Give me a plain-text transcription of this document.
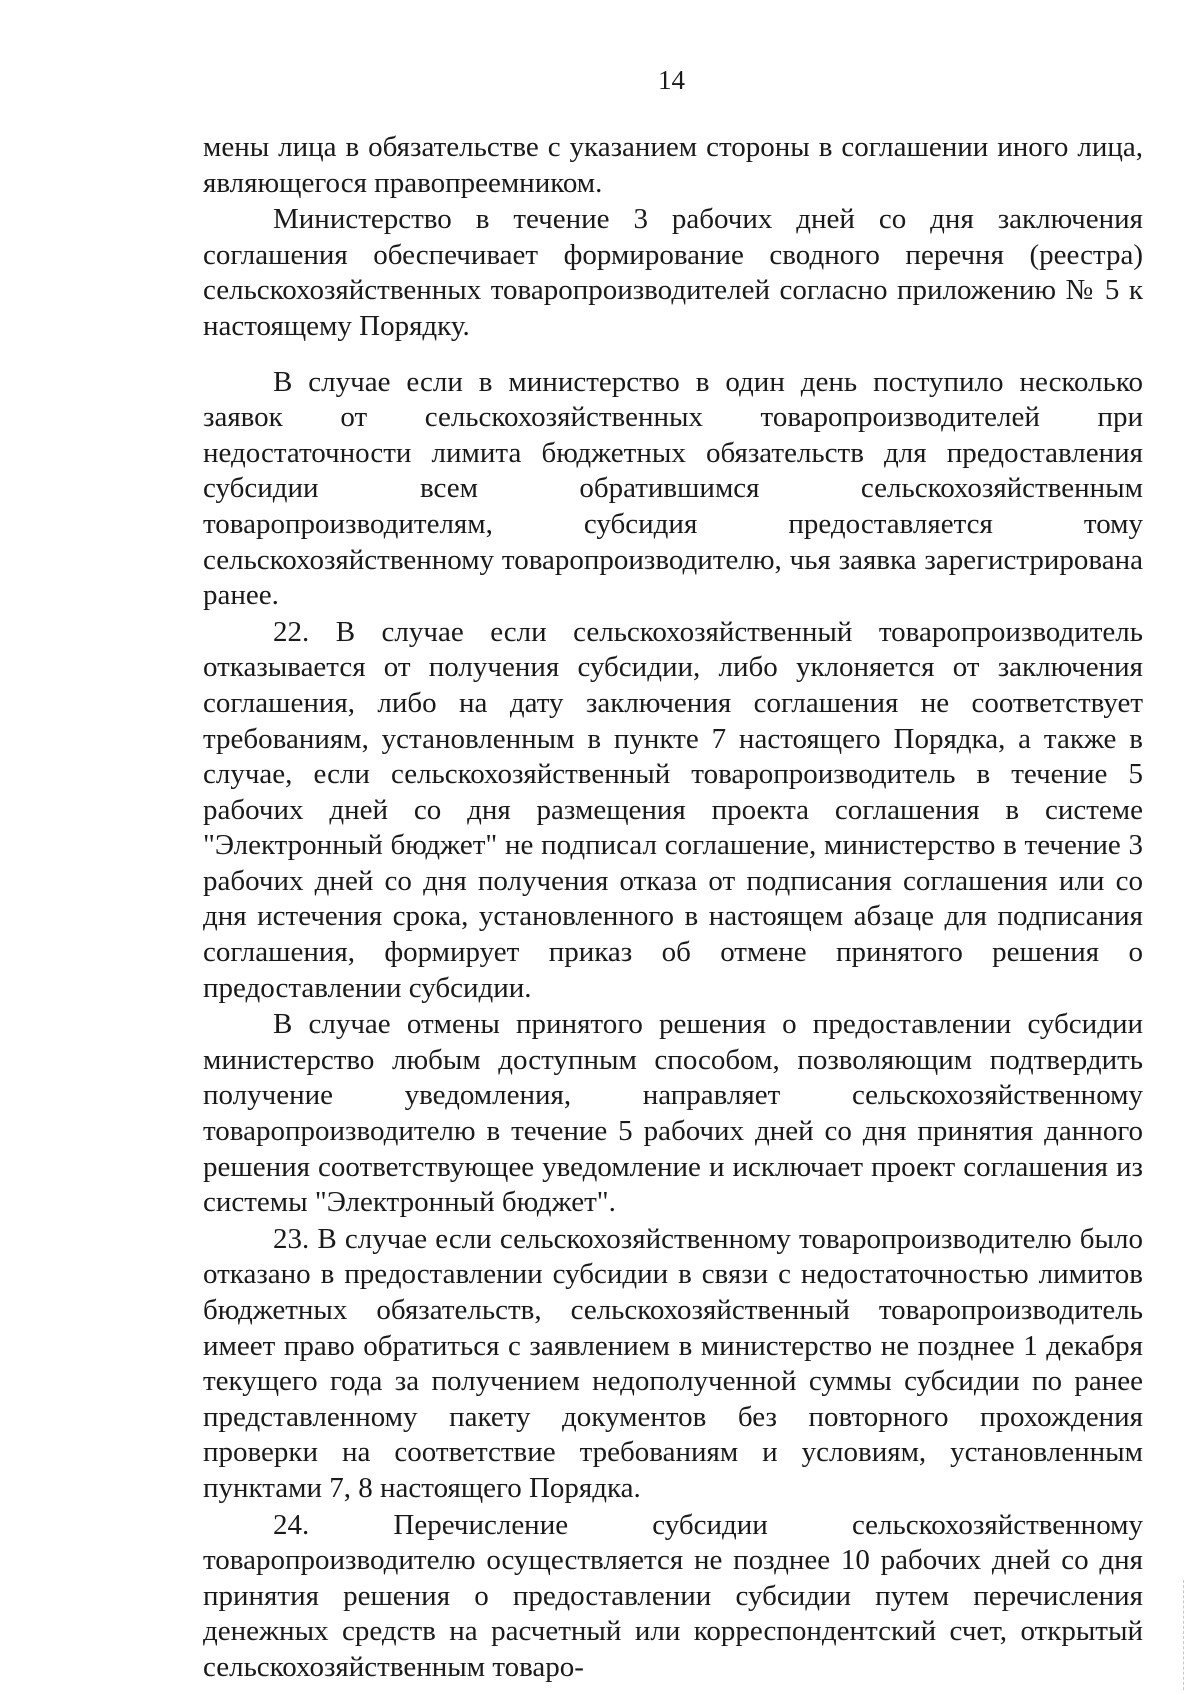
14

мены лица в обязательстве с указанием стороны в соглашении иного лица, являющегося правопреемником.

Министерство в течение 3 рабочих дней со дня заключения соглашения обеспечивает формирование сводного перечня (реестра) сельскохозяйственных товаропроизводителей согласно приложению № 5 к настоящему Порядку.

В случае если в министерство в один день поступило несколько заявок от сельскохозяйственных товаропроизводителей при недостаточности лимита бюджетных обязательств для предоставления субсидии всем обратившимся сельскохозяйственным товаропроизводителям, субсидия предоставляется тому сельскохозяйственному товаропроизводителю, чья заявка зарегистрирована ранее.

22. В случае если сельскохозяйственный товаропроизводитель отказывается от получения субсидии, либо уклоняется от заключения соглашения, либо на дату заключения соглашения не соответствует требованиям, установленным в пункте 7 настоящего Порядка, а также в случае, если сельскохозяйственный товаропроизводитель в течение 5 рабочих дней со дня размещения проекта соглашения в системе "Электронный бюджет" не подписал соглашение, министерство в течение 3 рабочих дней со дня получения отказа от подписания соглашения или со дня истечения срока, установленного в настоящем абзаце для подписания соглашения, формирует приказ об отмене принятого решения о предоставлении субсидии.

В случае отмены принятого решения о предоставлении субсидии министерство любым доступным способом, позволяющим подтвердить получение уведомления, направляет сельскохозяйственному товаропроизводителю в течение 5 рабочих дней со дня принятия данного решения соответствующее уведомление и исключает проект соглашения из системы "Электронный бюджет".

23. В случае если сельскохозяйственному товаропроизводителю было отказано в предоставлении субсидии в связи с недостаточностью лимитов бюджетных обязательств, сельскохозяйственный товаропроизводитель имеет право обратиться с заявлением в министерство не позднее 1 декабря текущего года за получением недополученной суммы субсидии по ранее представленному пакету документов без повторного прохождения проверки на соответствие требованиям и условиям, установленным пунктами 7, 8 настоящего Порядка.

24. Перечисление субсидии сельскохозяйственному товаропроизводителю осуществляется не позднее 10 рабочих дней со дня принятия решения о предоставлении субсидии путем перечисления денежных средств на расчетный или корреспондентский счет, открытый сельскохозяйственным товаро-
